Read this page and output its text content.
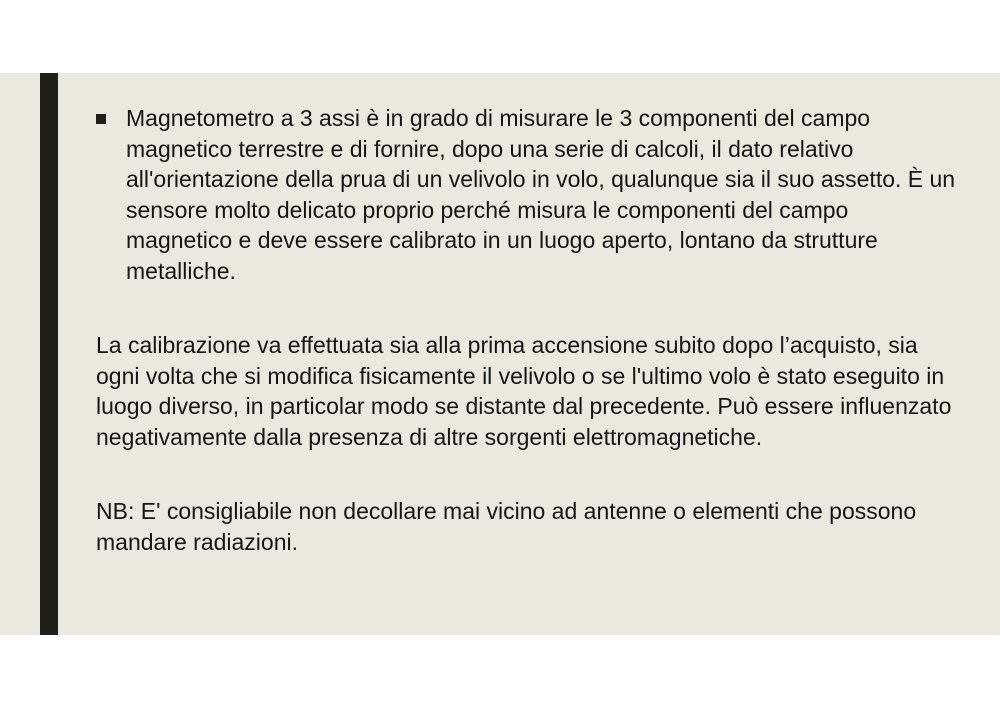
Magnetometro a 3 assi è in grado di misurare le 3 componenti del campo magnetico terrestre e di fornire, dopo una serie di calcoli, il dato relativo all'orientazione della prua di un velivolo in volo, qualunque sia il suo assetto. È un sensore molto delicato proprio perché misura le componenti del campo magnetico e deve essere calibrato in un luogo aperto, lontano da strutture metalliche.

La calibrazione va effettuata sia alla prima accensione subito dopo l’acquisto, sia ogni volta che si modifica fisicamente il velivolo o se l'ultimo volo è stato eseguito in luogo diverso, in particolar modo se distante dal precedente. Può essere influenzato negativamente dalla presenza di altre sorgenti elettromagnetiche.

NB: E' consigliabile non decollare mai vicino ad antenne o elementi che possono mandare radiazioni.
